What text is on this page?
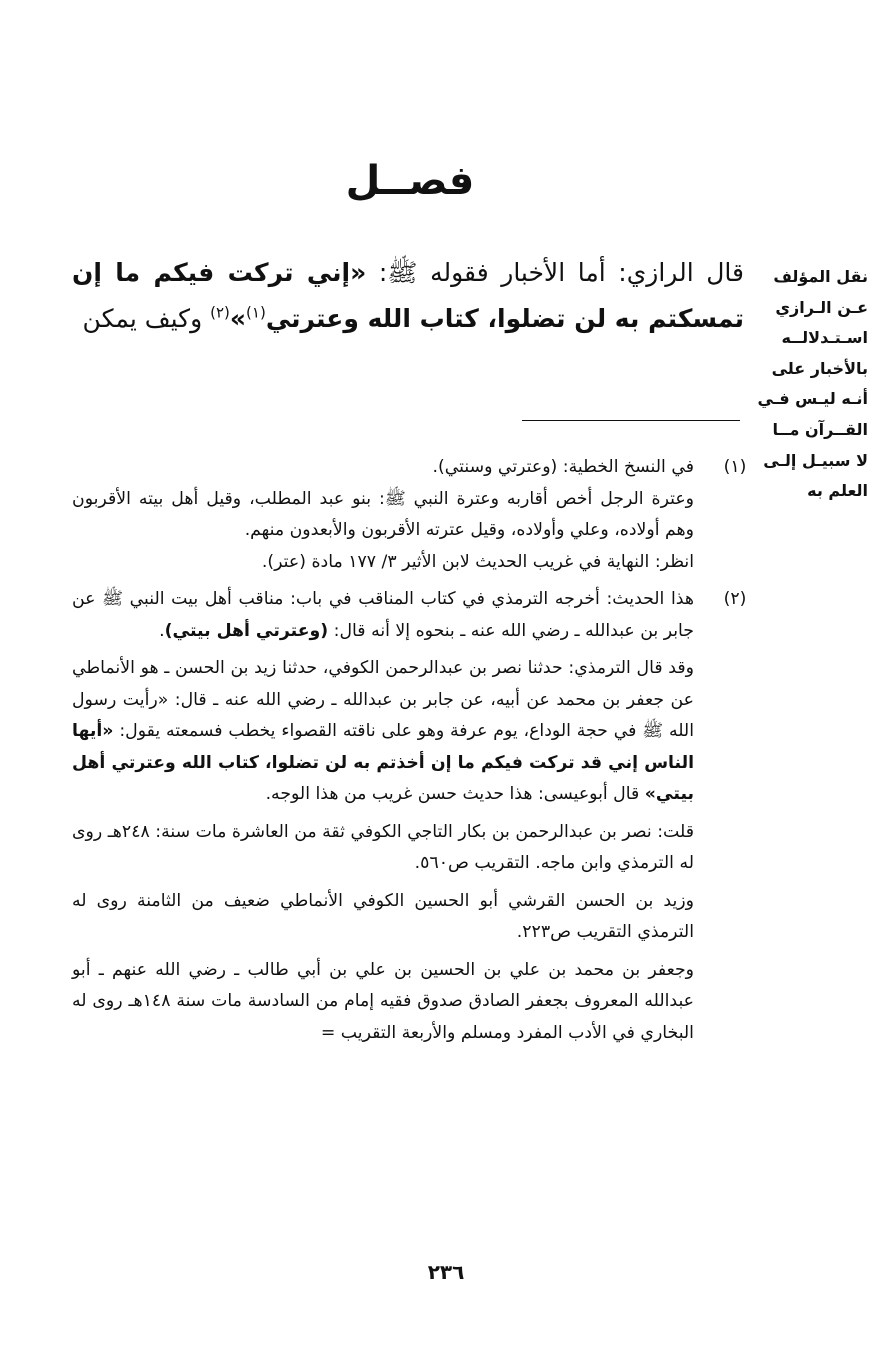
فصــل
نقل المؤلف
عـن الـرازي
اسـتـدلالــه
بالأخبار على
أنـه ليـس فـي
القــرآن مــا
لا سبيـل إلـى
العلم به
قال الرازي: أما الأخبار فقوله ﷺ: «إني تركت فيكم ما إن تمسكتم به لن تضلوا، كتاب الله وعترتي$^{(١)}$»$^{(٢)}$ وكيف يمكن
(١)

في النسخ الخطية: (وعترتي وسنتي).

وعترة الرجل أخص أقاربه وعترة النبي ﷺ: بنو عبد المطلب، وقيل أهل بيته الأقربون وهم أولاده، وعلي وأولاده، وقيل عترته الأقربون والأبعدون منهم.

انظر: النهاية في غريب الحديث لابن الأثير ٣/ ١٧٧ مادة (عتر).

(٢)

هذا الحديث: أخرجه الترمذي في كتاب المناقب في باب: مناقب أهل بيت النبي ﷺ عن جابر بن عبدالله ـ رضي الله عنه ـ بنحوه إلا أنه قال: (وعترتي أهل بيتي).

وقد قال الترمذي: حدثنا نصر بن عبدالرحمن الكوفي، حدثنا زيد بن الحسن ـ هو الأنماطي عن جعفر بن محمد عن أبيه، عن جابر بن عبدالله ـ رضي الله عنه ـ قال: «رأيت رسول الله ﷺ في حجة الوداع، يوم عرفة وهو على ناقته القصواء يخطب فسمعته يقول: «أيها الناس إني قد تركت فيكم ما إن أخذتم به لن تضلوا، كتاب الله وعترتي أهل بيتي» قال أبوعيسى: هذا حديث حسن غريب من هذا الوجه.

قلت: نصر بن عبدالرحمن بن بكار التاجي الكوفي ثقة من العاشرة مات سنة: ٢٤٨هـ روى له الترمذي وابن ماجه. التقريب ص٥٦٠.

وزيد بن الحسن القرشي أبو الحسين الكوفي الأنماطي ضعيف من الثامنة روى له الترمذي التقريب ص٢٢٣.

وجعفر بن محمد بن علي بن الحسين بن علي بن أبي طالب ـ رضي الله عنهم ـ أبو عبدالله المعروف بجعفر الصادق صدوق فقيه إمام من السادسة مات سنة ١٤٨هـ روى له البخاري في الأدب المفرد ومسلم والأربعة التقريب =

٢٣٦
